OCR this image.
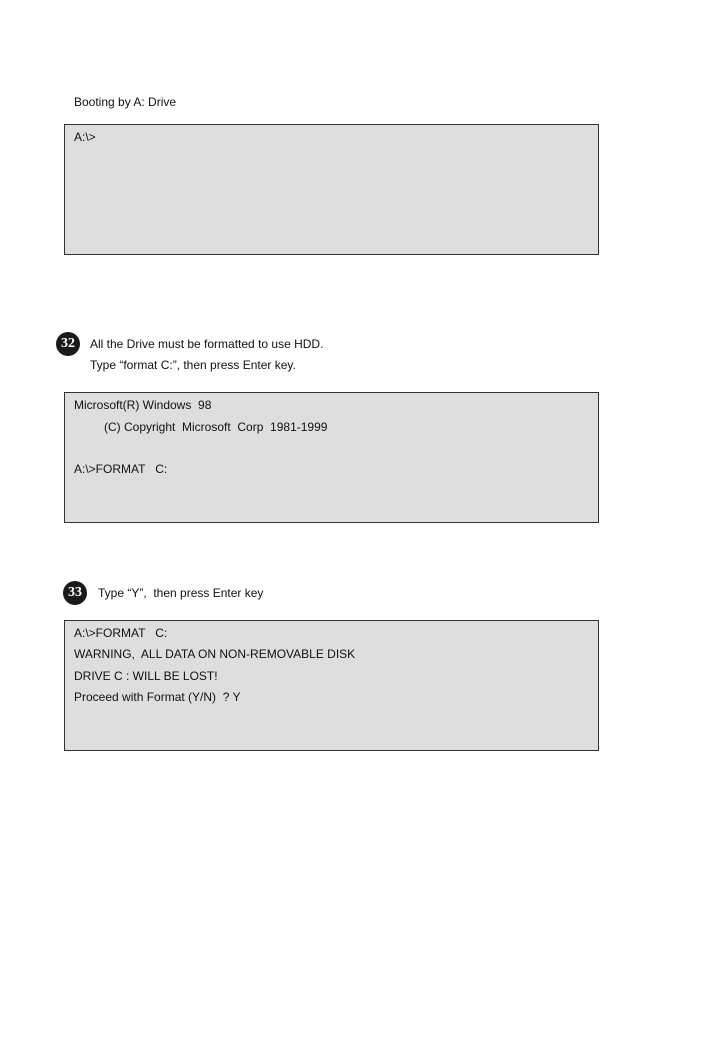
Booting by A: Drive
A:\>
32	All the Drive must be formatted to use HDD.
Type “format C:”, then press Enter key.
Microsoft(R) Windows  98
(C) Copyright  Microsoft  Corp  1981-1999
A:\>FORMAT   C:
33	Type “Y”,  then press Enter key
A:\>FORMAT   C:
WARNING,  ALL DATA ON NON-REMOVABLE DISK
DRIVE C : WILL BE LOST!
Proceed with Format (Y/N)  ? Y
